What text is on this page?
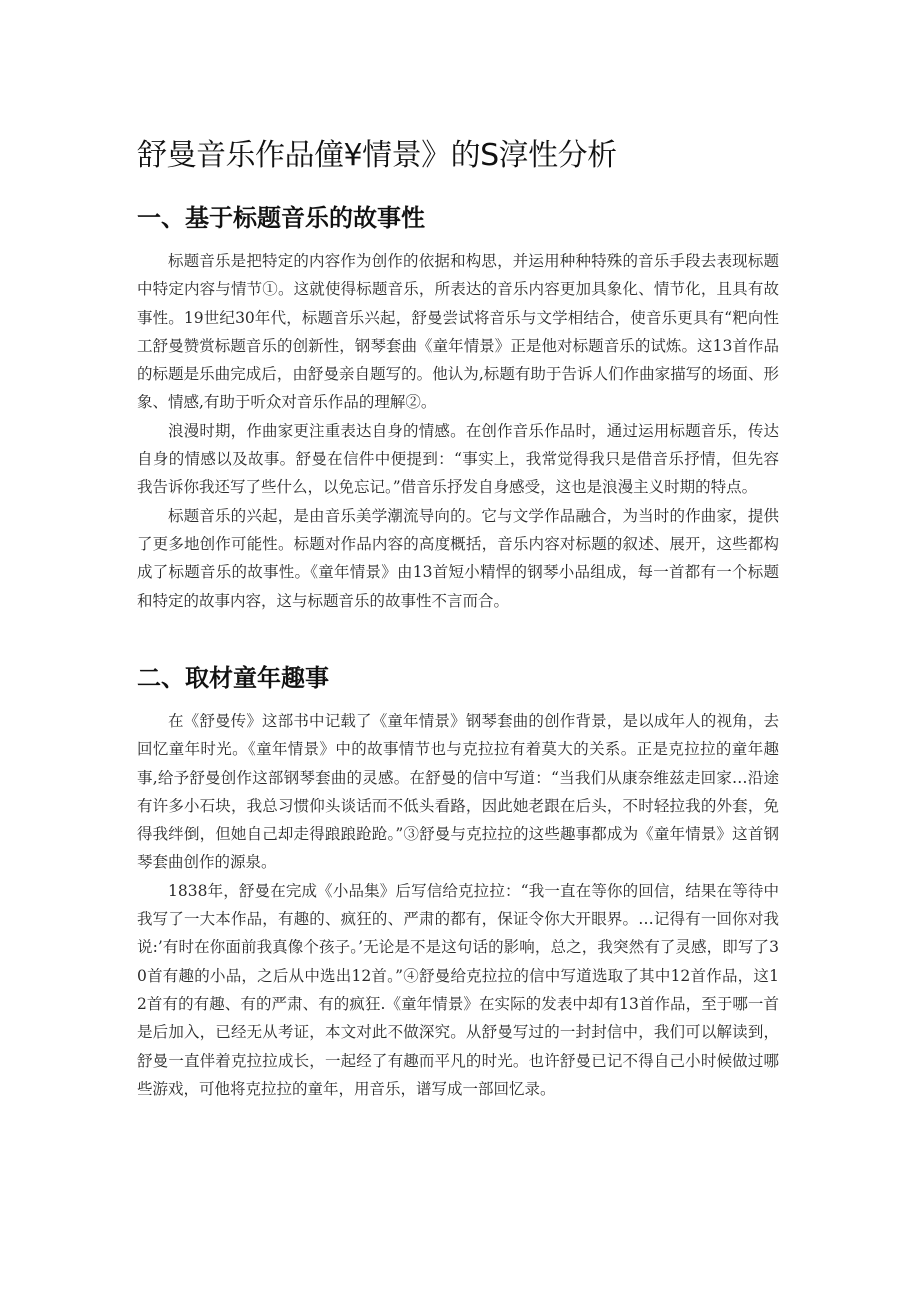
舒曼音乐作品僮¥情景》的S淳性分析
一、基于标题音乐的故事性

标题音乐是把特定的内容作为创作的依据和构思，并运用种种特殊的音乐手段去表现标题中特定内容与情节①。这就使得标题音乐，所表达的音乐内容更加具象化、情节化，且具有故事性。19世纪30年代，标题音乐兴起，舒曼尝试将音乐与文学相结合，使音乐更具有“粑向性工舒曼赞赏标题音乐的创新性，钢琴套曲《童年情景》正是他对标题音乐的试炼。这13首作品的标题是乐曲完成后，由舒曼亲自题写的。他认为,标题有助于告诉人们作曲家描写的场面、形象、情感,有助于听众对音乐作品的理解②。

浪漫时期，作曲家更注重表达自身的情感。在创作音乐作品时，通过运用标题音乐，传达自身的情感以及故事。舒曼在信件中便提到：“事实上，我常觉得我只是借音乐抒情，但先容我告诉你我还写了些什么，以免忘记。”借音乐抒发自身感受，这也是浪漫主义时期的特点。

标题音乐的兴起，是由音乐美学潮流导向的。它与文学作品融合，为当时的作曲家，提供了更多地创作可能性。标题对作品内容的高度概括，音乐内容对标题的叙述、展开，这些都构成了标题音乐的故事性。《童年情景》由13首短小精悍的钢琴小品组成，每一首都有一个标题和特定的故事内容，这与标题音乐的故事性不言而合。

二、取材童年趣事

在《舒曼传》这部书中记载了《童年情景》钢琴套曲的创作背景，是以成年人的视角，去回忆童年时光。《童年情景》中的故事情节也与克拉拉有着莫大的关系。正是克拉拉的童年趣事,给予舒曼创作这部钢琴套曲的灵感。在舒曼的信中写道：“当我们从康奈维兹走回家…沿途有许多小石块，我总习惯仰头谈话而不低头看路，因此她老跟在后头，不时轻拉我的外套，免得我绊倒，但她自己却走得踉踉跄跄。”③舒曼与克拉拉的这些趣事都成为《童年情景》这首钢琴套曲创作的源泉。

1838年，舒曼在完成《小品集》后写信给克拉拉：“我一直在等你的回信，结果在等待中我写了一大本作品，有趣的、疯狂的、严肃的都有，保证令你大开眼界。…记得有一回你对我说:’有时在你面前我真像个孩子。’无论是不是这句话的影响，总之，我突然有了灵感，即写了30首有趣的小品，之后从中选出12首。”④舒曼给克拉拉的信中写道选取了其中12首作品，这12首有的有趣、有的严肃、有的疯狂.《童年情景》在实际的发表中却有13首作品，至于哪一首是后加入，已经无从考证，本文对此不做深究。从舒曼写过的一封封信中，我们可以解读到，舒曼一直伴着克拉拉成长，一起经了有趣而平凡的时光。也许舒曼已记不得自己小时候做过哪些游戏，可他将克拉拉的童年，用音乐，谱写成一部回忆录。
